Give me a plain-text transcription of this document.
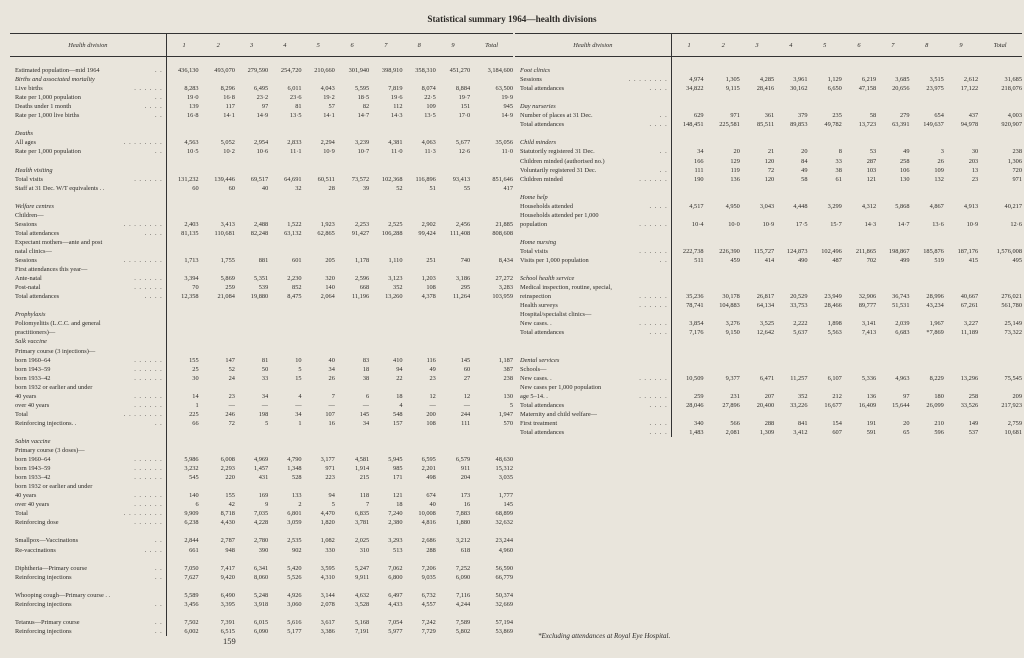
Statistical summary 1964—health divisions
Health division	1	2	3	4	5	6	7	8	9	Total

Estimated population—mid 1964 . .	436,130	493,070	279,590	254,720	210,660	301,940	398,910	358,310	451,270	3,184,600
Births and associated mortality										
Live births . . . . . .	8,283	8,296	6,495	6,011	4,043	5,595	7,819	8,074	8,884	63,500
Rate per 1,000 population . .	19·0	16·8	23·2	23·6	19·2	18·5	19·6	22·5	19·7	19·9
Deaths under 1 month . . . .	139	117	97	81	57	82	112	109	151	945
Rate per 1,000 live births . .	16·8	14·1	14·9	13·5	14·1	14·7	14·3	13·5	17·0	14·9

Deaths										
All ages . . . . . . . .	4,563	5,052	2,954	2,833	2,294	3,239	4,381	4,063	5,677	35,056
Rate per 1,000 population . .	10·5	10·2	10·6	11·1	10·9	10·7	11·0	11·3	12·6	11·0

Health visiting										
Total visits . . . . . .	131,232	139,446	69,517	64,691	60,511	73,572	102,368	116,896	93,413	851,646
Staff at 31 Dec. W/T equivalents . .	60	60	40	32	28	39	52	51	55	417

Welfare centres										
Children—										
Sessions . . . . . . . .	2,403	3,413	2,488	1,522	1,923	2,253	2,525	2,902	2,456	21,885
Total attendances . . . .	81,135	110,681	82,248	63,132	62,865	91,427	106,288	99,424	111,408	808,608
Expectant mothers—ante and post										
natal clinics—										
Sessions . . . . . . . .	1,713	1,755	881	601	205	1,178	1,110	251	740	8,434
First attendances this year—										
Ante-natal . . . . . .	3,394	5,869	5,351	2,230	320	2,596	3,123	1,203	3,186	27,272
Post-natal . . . . . .	70	259	539	852	140	668	352	108	295	3,283
Total attendances . . . .	12,358	21,084	19,880	8,475	2,064	11,196	13,260	4,378	11,264	103,959

Prophylaxis										
Poliomyelitis (L.C.C. and general										
practitioners)—										
Salk vaccine										
Primary course (3 injections)—										
born 1960–64 . . . . . .	155	147	81	10	40	83	410	116	145	1,187
born 1943–59 . . . . . .	25	52	50	5	34	18	94	49	60	387
born 1933–42 . . . . . .	30	24	33	15	26	38	22	23	27	238
born 1932 or earlier and under										
40 years . . . . . .	14	23	34	4	7	6	18	12	12	130
over 40 years . . . . . .	1	—	—	—	—	—	4	—	—	5
Total . . . . . . . .	225	246	198	34	107	145	548	200	244	1,947
Reinforcing injections. . . .	66	72	5	1	16	34	157	108	111	570

Sabin vaccine										
Primary course (3 doses)—										
born 1960–64 . . . . . .	5,986	6,008	4,969	4,790	3,177	4,581	5,945	6,595	6,579	48,630
born 1943–59 . . . . . .	3,232	2,293	1,457	1,348	971	1,914	985	2,201	911	15,312
born 1933–42 . . . . . .	545	220	431	528	223	215	171	498	204	3,035
born 1932 or earlier and under										
40 years . . . . . .	140	155	169	133	94	118	121	674	173	1,777
over 40 years . . . . . .	6	42	9	2	5	7	18	40	16	145
Total . . . . . . . .	9,909	8,718	7,035	6,801	4,470	6,835	7,240	10,008	7,883	68,899
Reinforcing dose . . . . . .	6,238	4,430	4,228	3,059	1,820	3,781	2,380	4,816	1,880	32,632

Smallpox—Vaccinations . .	2,844	2,787	2,780	2,535	1,082	2,025	3,293	2,686	3,212	23,244
Re-vaccinations . . . .	661	948	390	902	330	310	513	288	618	4,960

Diphtheria—Primary course . .	7,050	7,417	6,341	5,420	3,595	5,247	7,062	7,206	7,252	56,590
Reinforcing injections . .	7,627	9,420	8,060	5,526	4,310	9,911	6,800	9,035	6,090	66,779

Whooping cough—Primary course . .	5,589	6,490	5,248	4,926	3,144	4,632	6,497	6,732	7,116	50,374
Reinforcing injections . .	3,456	3,395	3,918	3,060	2,078	3,528	4,433	4,557	4,244	32,669

Tetanus—Primary course . .	7,502	7,391	6,015	5,616	3,617	5,168	7,054	7,242	7,589	57,194
Reinforcing injections . .	6,002	6,515	6,090	5,177	3,386	7,191	5,977	7,729	5,802	53,869
Health division	1	2	3	4	5	6	7	8	9	Total

Foot clinics										
Sessions . . . . . . . .	4,974	1,305	4,285	3,961	1,129	6,219	3,685	3,515	2,612	31,685
Total attendances . . . .	34,822	9,115	28,416	30,162	6,650	47,158	20,656	23,975	17,122	218,076

Day nurseries										
Number of places at 31 Dec. . .	629	971	361	379	235	58	279	654	437	4,003
Total attendances . . . .	148,451	225,581	85,511	89,853	49,782	13,723	63,391	149,637	94,978	920,907

Child minders										
Statutorily registered 31 Dec. . .	34	20	21	20	8	53	49	3	30	238
Children minded (authorised no.)	166	129	120	84	33	287	258	26	203	1,306
Voluntarily registered 31 Dec. . .	111	119	72	49	38	103	106	109	13	720
Children minded . . . . . .	190	136	120	58	61	121	130	132	23	971

Home help										
Households attended . . . .	4,517	4,950	3,043	4,448	3,299	4,312	5,868	4,867	4,913	40,217
Households attended per 1,000										
population . . . . . .	10·4	10·0	10·9	17·5	15·7	14·3	14·7	13·6	10·9	12·6

Home nursing										
Total visits . . . . . .	222,738	226,390	115,727	124,873	102,496	211,865	198,867	185,876	187,176	1,576,008
Visits per 1,000 population . .	511	459	414	490	487	702	499	519	415	495

School health service										
Medical inspection, routine, special,										
reinspection . . . . . .	35,236	30,178	26,817	20,529	23,949	32,906	36,743	28,996	40,667	276,021
Health surveys . . . . . .	78,741	104,883	64,134	33,753	28,466	89,777	51,531	43,234	67,261	561,780
Hospital/specialist clinics—										
New cases. . . . . . . .	3,854	3,276	3,525	2,222	1,898	3,141	2,039	1,967	3,227	25,149
Total attendances . . . .	7,176	9,150	12,642	5,637	5,563	7,413	6,683	*7,869	11,189	73,322

Dental services										
Schools—										
New cases. . . . . . . .	10,509	9,377	6,471	11,257	6,107	5,336	4,963	8,229	13,296	75,545
New cases per 1,000 population										
age 5–14. . . . . . . .	259	231	207	352	212	136	97	180	258	209
Total attendances . . . .	28,046	27,896	20,400	33,226	16,677	16,409	15,644	26,099	33,526	217,923
Maternity and child welfare—										
First treatment . . . .	340	566	288	841	154	191	20	210	149	2,759
Total attendances . . . .	1,483	2,081	1,309	3,412	607	591	65	596	537	10,681
159	*Excluding attendances at Royal Eye Hospital.
